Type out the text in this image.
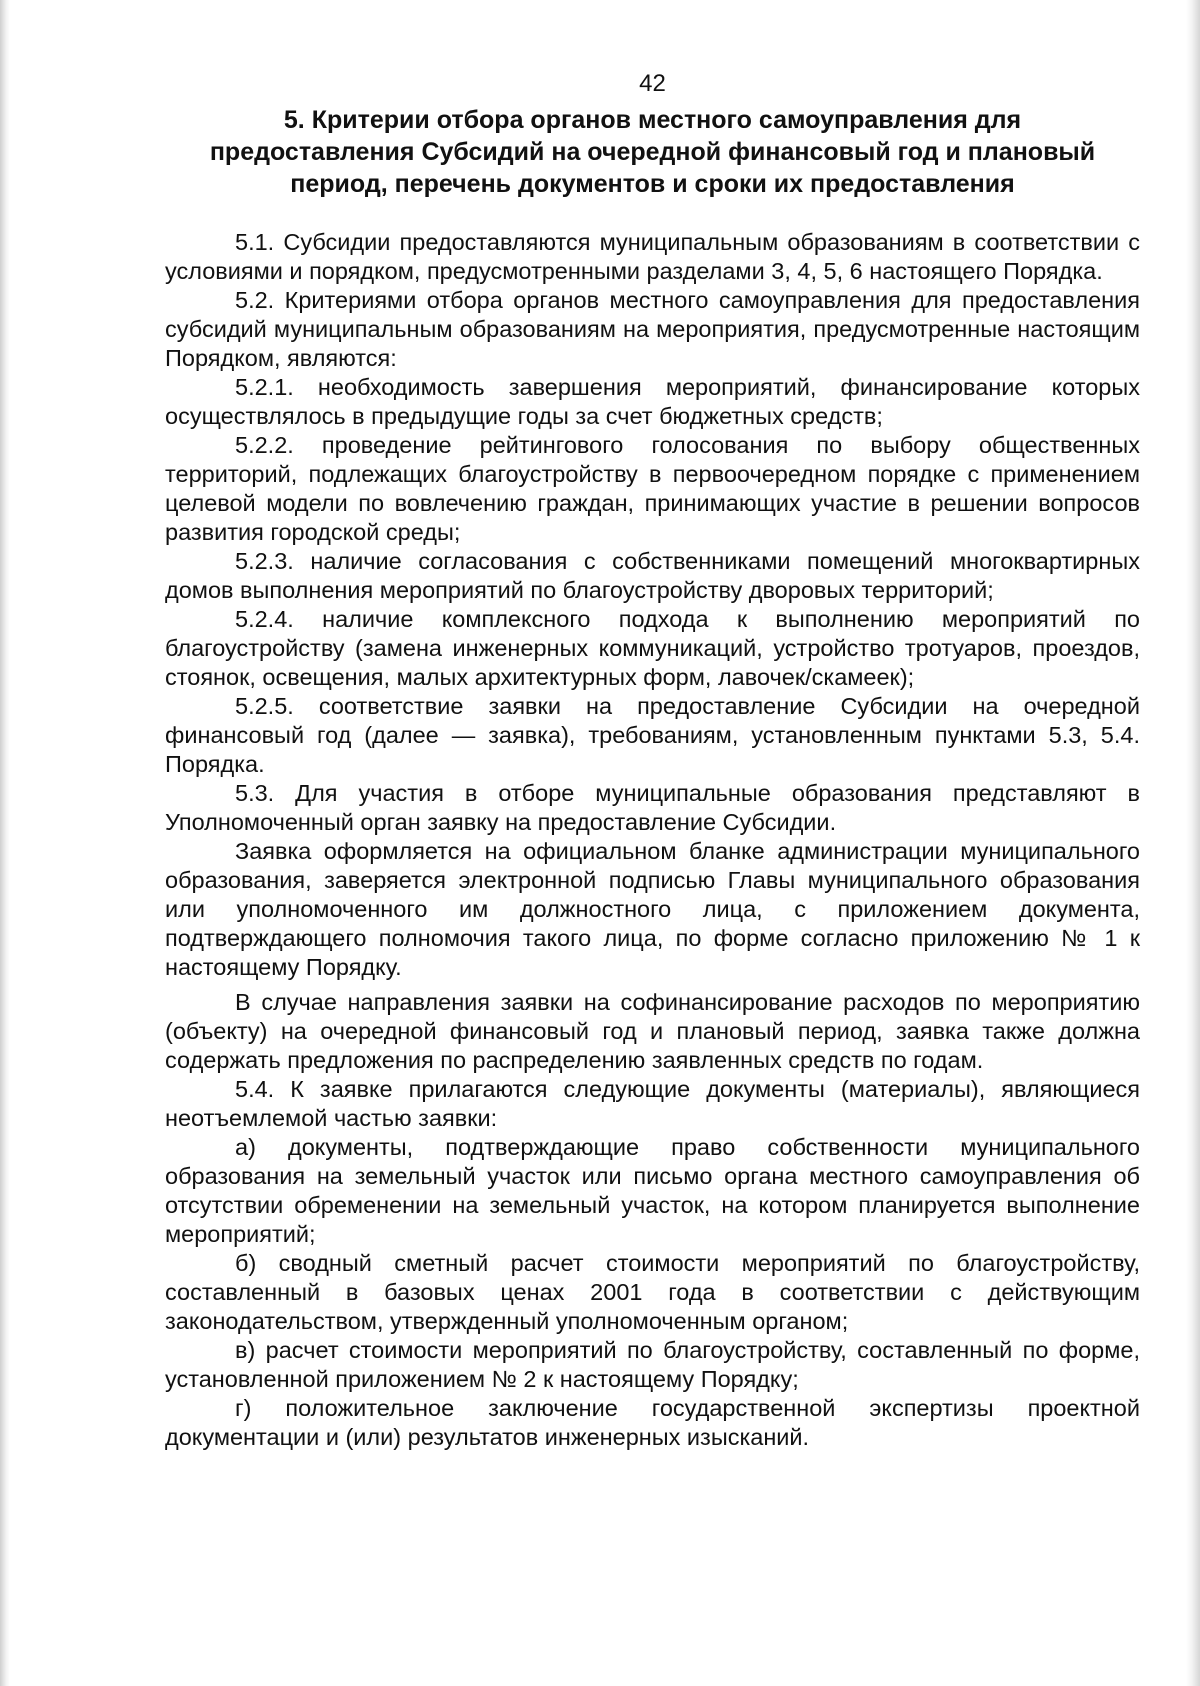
42
5. Критерии отбора органов местного самоуправления для
предоставления Субсидий на очередной финансовый год и плановый
период, перечень документов и сроки их предоставления

5.1. Субсидии предоставляются муниципальным образованиям в соответствии с условиями и порядком, предусмотренными разделами 3, 4, 5, 6 настоящего Порядка.

5.2. Критериями отбора органов местного самоуправления для предоставления субсидий муниципальным образованиям на мероприятия, предусмотренные настоящим Порядком, являются:

5.2.1. необходимость завершения мероприятий, финансирование которых осуществлялось в предыдущие годы за счет бюджетных средств;

5.2.2. проведение рейтингового голосования по выбору общественных территорий, подлежащих благоустройству в первоочередном порядке с применением целевой модели по вовлечению граждан, принимающих участие в решении вопросов развития городской среды;

5.2.3. наличие согласования с собственниками помещений многоквартирных домов выполнения мероприятий по благоустройству дворовых территорий;

5.2.4. наличие комплексного подхода к выполнению мероприятий по благоустройству (замена инженерных коммуникаций, устройство тротуаров, проездов, стоянок, освещения, малых архитектурных форм, лавочек/скамеек);

5.2.5. соответствие заявки на предоставление Субсидии на очередной финансовый год (далее — заявка), требованиям, установленным пунктами 5.3, 5.4. Порядка.

5.3. Для участия в отборе муниципальные образования представляют в Уполномоченный орган заявку на предоставление Субсидии.

Заявка оформляется на официальном бланке администрации муниципального образования, заверяется электронной подписью Главы муниципального образования или уполномоченного им должностного лица, с приложением документа, подтверждающего полномочия такого лица, по форме согласно приложению № 1 к настоящему Порядку.

В случае направления заявки на софинансирование расходов по мероприятию (объекту) на очередной финансовый год и плановый период, заявка также должна содержать предложения по распределению заявленных средств по годам.

5.4. К заявке прилагаются следующие документы (материалы), являющиеся неотъемлемой частью заявки:

а) документы, подтверждающие право собственности муниципального образования на земельный участок или письмо органа местного самоуправления об отсутствии обременении на земельный участок, на котором планируется выполнение мероприятий;

б) сводный сметный расчет стоимости мероприятий по благоустройству, составленный в базовых ценах 2001 года в соответствии с действующим законодательством, утвержденный уполномоченным органом;

в) расчет стоимости мероприятий по благоустройству, составленный по форме, установленной приложением № 2 к настоящему Порядку;

г) положительное заключение государственной экспертизы проектной документации и (или) результатов инженерных изысканий.
